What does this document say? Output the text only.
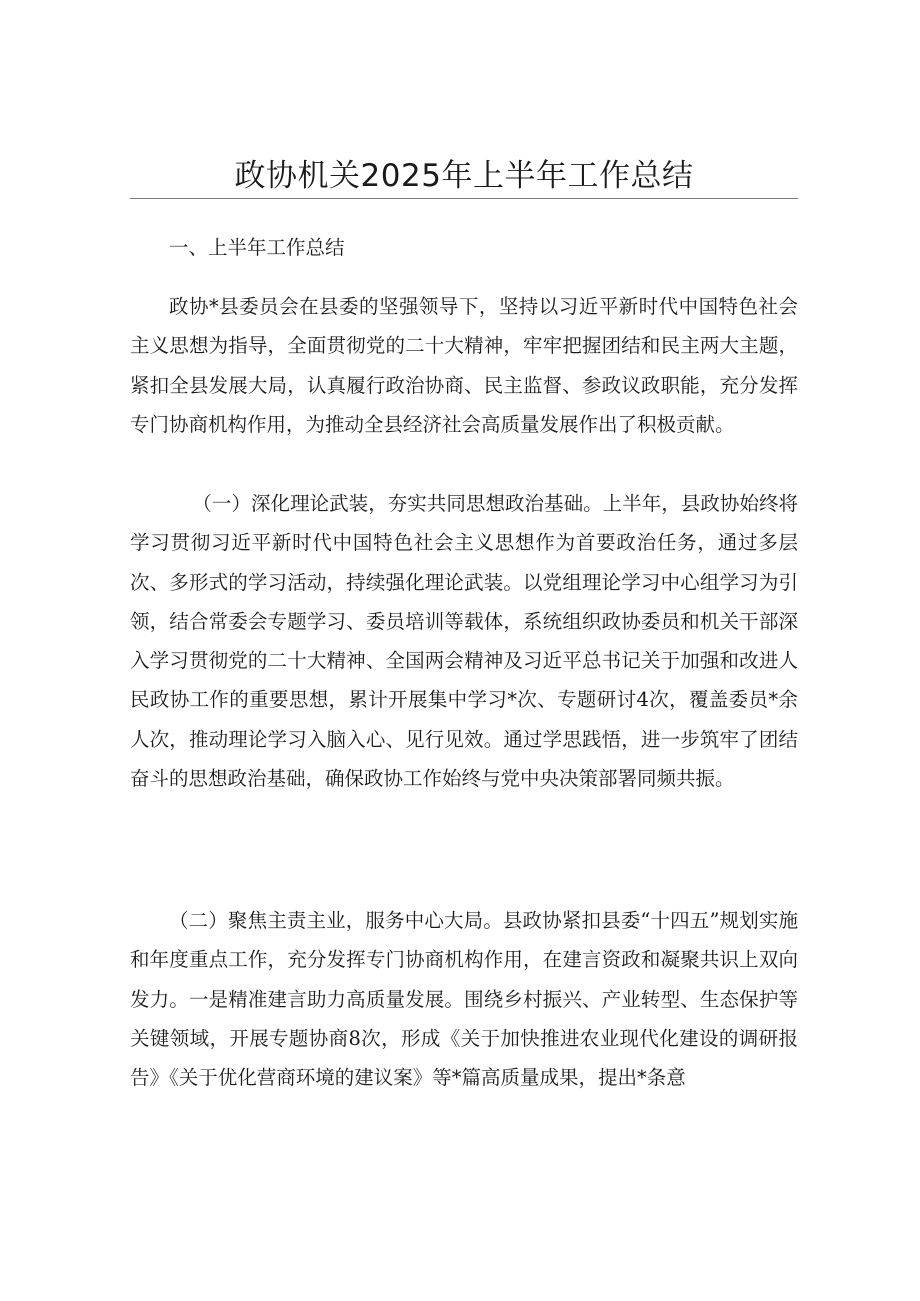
政协机关2025年上半年工作总结

一、上半年工作总结

政协*县委员会在县委的坚强领导下，坚持以习近平新时代中国特色社会主义思想为指导，全面贯彻党的二十大精神，牢牢把握团结和民主两大主题，紧扣全县发展大局，认真履行政治协商、民主监督、参政议政职能，充分发挥专门协商机构作用，为推动全县经济社会高质量发展作出了积极贡献。

（一）深化理论武装，夯实共同思想政治基础。上半年，县政协始终将学习贯彻习近平新时代中国特色社会主义思想作为首要政治任务，通过多层次、多形式的学习活动，持续强化理论武装。以党组理论学习中心组学习为引领，结合常委会专题学习、委员培训等载体，系统组织政协委员和机关干部深入学习贯彻党的二十大精神、全国两会精神及习近平总书记关于加强和改进人民政协工作的重要思想，累计开展集中学习*次、专题研讨4次，覆盖委员*余人次，推动理论学习入脑入心、见行见效。通过学思践悟，进一步筑牢了团结奋斗的思想政治基础，确保政协工作始终与党中央决策部署同频共振。

（二）聚焦主责主业，服务中心大局。县政协紧扣县委“十四五”规划实施和年度重点工作，充分发挥专门协商机构作用，在建言资政和凝聚共识上双向发力。一是精准建言助力高质量发展。围绕乡村振兴、产业转型、生态保护等关键领域，开展专题协商8次，形成《关于加快推进农业现代化建设的调研报告》《关于优化营商环境的建议案》等*篇高质量成果，提出*条意
